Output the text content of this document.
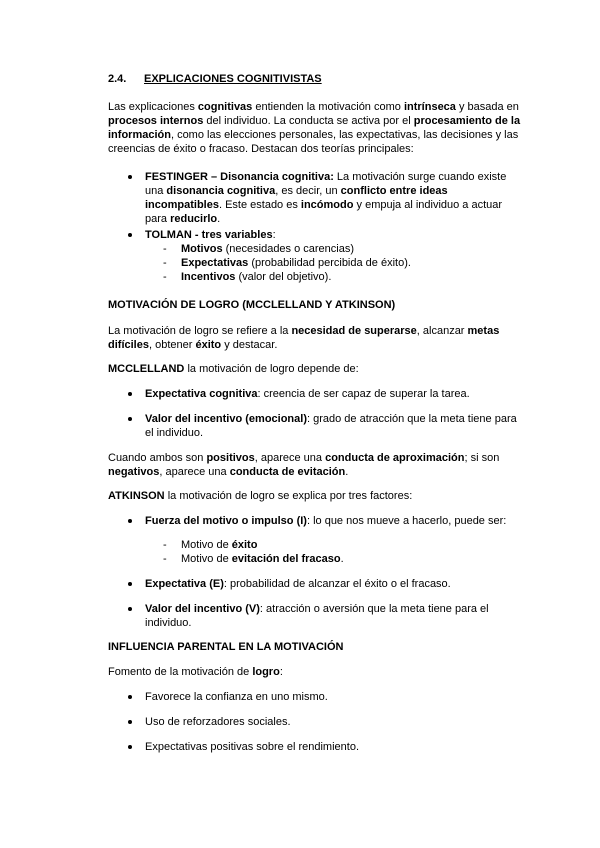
2.4. EXPLICACIONES COGNITIVISTAS

Las explicaciones cognitivas entienden la motivación como intrínseca y basada en

procesos internos del individuo. La conducta se activa por el procesamiento de la

información, como las elecciones personales, las expectativas, las decisiones y las

creencias de éxito o fracaso. Destacan dos teorías principales:

FESTINGER – Disonancia cognitiva: La motivación surge cuando existe

una disonancia cognitiva, es decir, un conflicto entre ideas

incompatibles. Este estado es incómodo y empuja al individuo a actuar

para reducirlo.

TOLMAN - tres variables:

- Motivos (necesidades o carencias)

- Expectativas (probabilidad percibida de éxito).

- Incentivos (valor del objetivo).

MOTIVACIÓN DE LOGRO (MCCLELLAND Y ATKINSON)

La motivación de logro se refiere a la necesidad de superarse, alcanzar metas

difíciles, obtener éxito y destacar.

MCCLELLAND la motivación de logro depende de:

Expectativa cognitiva: creencia de ser capaz de superar la tarea.

Valor del incentivo (emocional): grado de atracción que la meta tiene para

el individuo.

Cuando ambos son positivos, aparece una conducta de aproximación; si son

negativos, aparece una conducta de evitación.

ATKINSON la motivación de logro se explica por tres factores:

Fuerza del motivo o impulso (I): lo que nos mueve a hacerlo, puede ser:

- Motivo de éxito

- Motivo de evitación del fracaso.

Expectativa (E): probabilidad de alcanzar el éxito o el fracaso.

Valor del incentivo (V): atracción o aversión que la meta tiene para el

individuo.

INFLUENCIA PARENTAL EN LA MOTIVACIÓN

Fomento de la motivación de logro:

Favorece la confianza en uno mismo.

Uso de reforzadores sociales.

Expectativas positivas sobre el rendimiento.
